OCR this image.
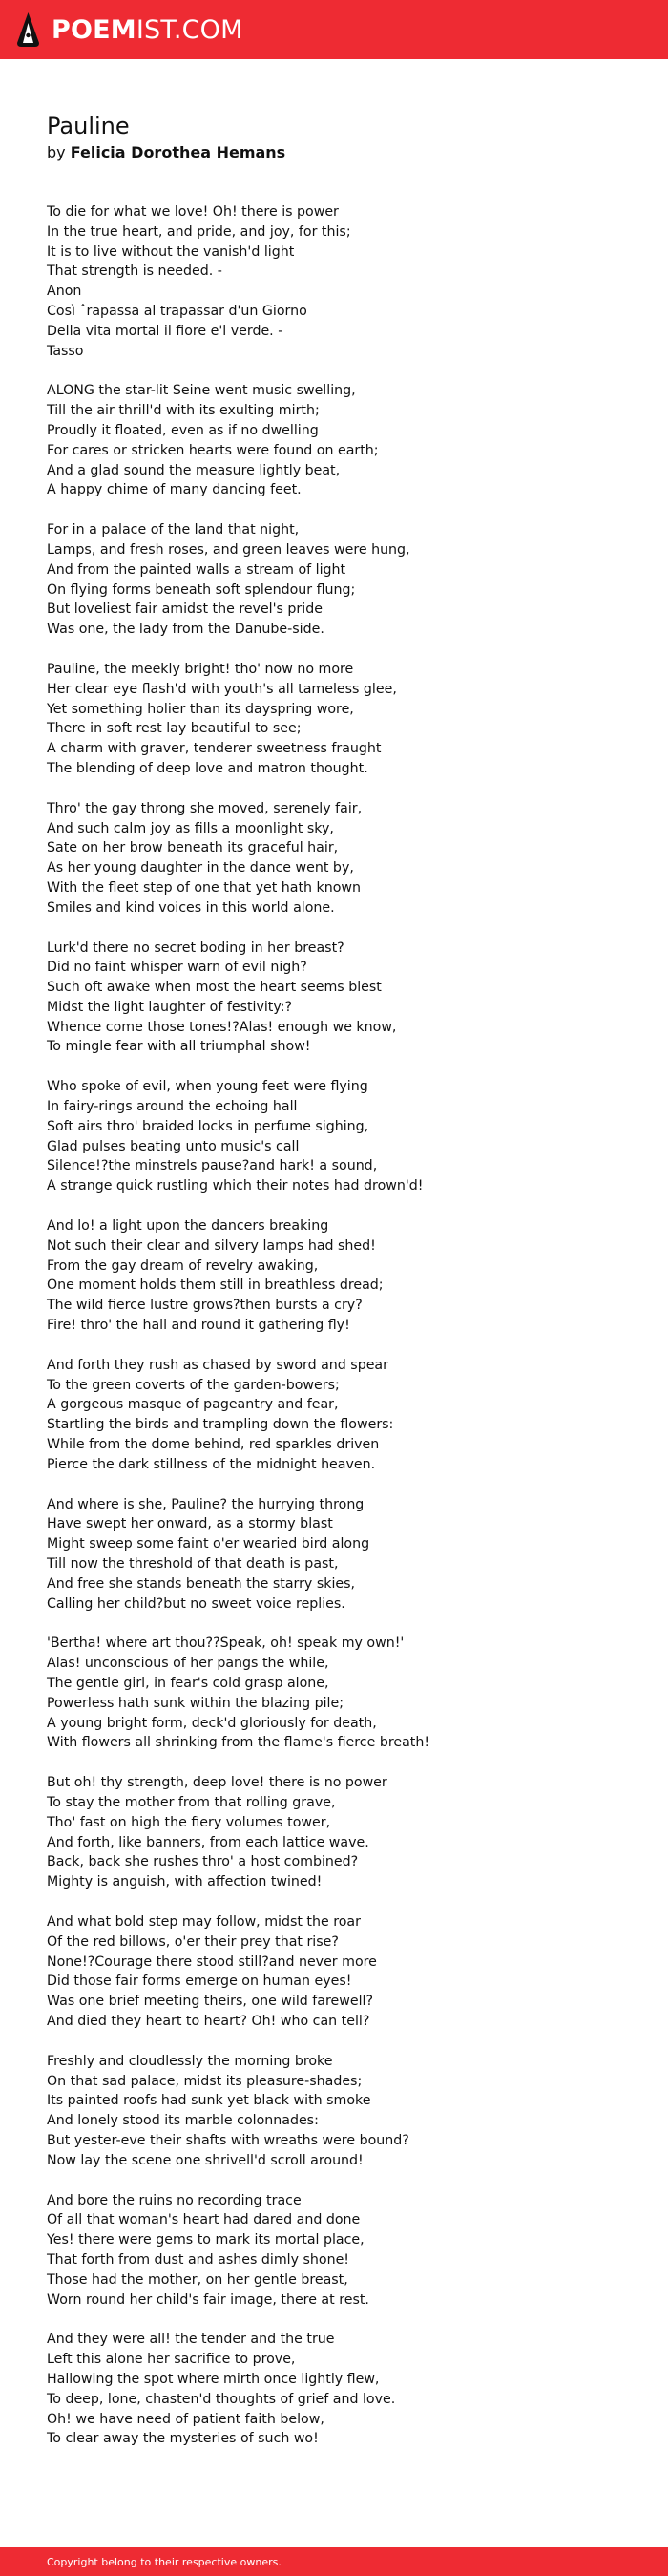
POEMIST.COM
Pauline
by Felicia Dorothea Hemans
To die for what we love! Oh! there is power
In the true heart, and pride, and joy, for this;
It is to live without the vanish'd light
That strength is needed. -
Anon
Così ˆrapassa al trapassar d'un Giorno
Della vita mortal il fiore e'l verde. -
Tasso
ALONG the star-lit Seine went music swelling,
Till the air thrill'd with its exulting mirth;
Proudly it floated, even as if no dwelling
For cares or stricken hearts were found on earth;
And a glad sound the measure lightly beat,
A happy chime of many dancing feet.
For in a palace of the land that night,
Lamps, and fresh roses, and green leaves were hung,
And from the painted walls a stream of light
On flying forms beneath soft splendour flung;
But loveliest fair amidst the revel's pride
Was one, the lady from the Danube-side.
Pauline, the meekly bright! tho' now no more
Her clear eye flash'd with youth's all tameless glee,
Yet something holier than its dayspring wore,
There in soft rest lay beautiful to see;
A charm with graver, tenderer sweetness fraught
The blending of deep love and matron thought.
Thro' the gay throng she moved, serenely fair,
And such calm joy as fills a moonlight sky,
Sate on her brow beneath its graceful hair,
As her young daughter in the dance went by,
With the fleet step of one that yet hath known
Smiles and kind voices in this world alone.
Lurk'd there no secret boding in her breast?
Did no faint whisper warn of evil nigh?
Such oft awake when most the heart seems blest
Midst the light laughter of festivity:?
Whence come those tones!?Alas! enough we know,
To mingle fear with all triumphal show!
Who spoke of evil, when young feet were flying
In fairy-rings around the echoing hall
Soft airs thro' braided locks in perfume sighing,
Glad pulses beating unto music's call
Silence!?the minstrels pause?and hark! a sound,
A strange quick rustling which their notes had drown'd!
And lo! a light upon the dancers breaking
Not such their clear and silvery lamps had shed!
From the gay dream of revelry awaking,
One moment holds them still in breathless dread;
The wild fierce lustre grows?then bursts a cry?
Fire! thro' the hall and round it gathering fly!
And forth they rush as chased by sword and spear
To the green coverts of the garden-bowers;
A gorgeous masque of pageantry and fear,
Startling the birds and trampling down the flowers:
While from the dome behind, red sparkles driven
Pierce the dark stillness of the midnight heaven.
And where is she, Pauline? the hurrying throng
Have swept her onward, as a stormy blast
Might sweep some faint o'er wearied bird along
Till now the threshold of that death is past,
And free she stands beneath the starry skies,
Calling her child?but no sweet voice replies.
'Bertha! where art thou??Speak, oh! speak my own!'
Alas! unconscious of her pangs the while,
The gentle girl, in fear's cold grasp alone,
Powerless hath sunk within the blazing pile;
A young bright form, deck'd gloriously for death,
With flowers all shrinking from the flame's fierce breath!
But oh! thy strength, deep love! there is no power
To stay the mother from that rolling grave,
Tho' fast on high the fiery volumes tower,
And forth, like banners, from each lattice wave.
Back, back she rushes thro' a host combined?
Mighty is anguish, with affection twined!
And what bold step may follow, midst the roar
Of the red billows, o'er their prey that rise?
None!?Courage there stood still?and never more
Did those fair forms emerge on human eyes!
Was one brief meeting theirs, one wild farewell?
And died they heart to heart? Oh! who can tell?
Freshly and cloudlessly the morning broke
On that sad palace, midst its pleasure-shades;
Its painted roofs had sunk yet black with smoke
And lonely stood its marble colonnades:
But yester-eve their shafts with wreaths were bound?
Now lay the scene one shrivell'd scroll around!
And bore the ruins no recording trace
Of all that woman's heart had dared and done
Yes! there were gems to mark its mortal place,
That forth from dust and ashes dimly shone!
Those had the mother, on her gentle breast,
Worn round her child's fair image, there at rest.
And they were all! the tender and the true
Left this alone her sacrifice to prove,
Hallowing the spot where mirth once lightly flew,
To deep, lone, chasten'd thoughts of grief and love.
Oh! we have need of patient faith below,
To clear away the mysteries of such wo!
Copyright belong to their respective owners.
